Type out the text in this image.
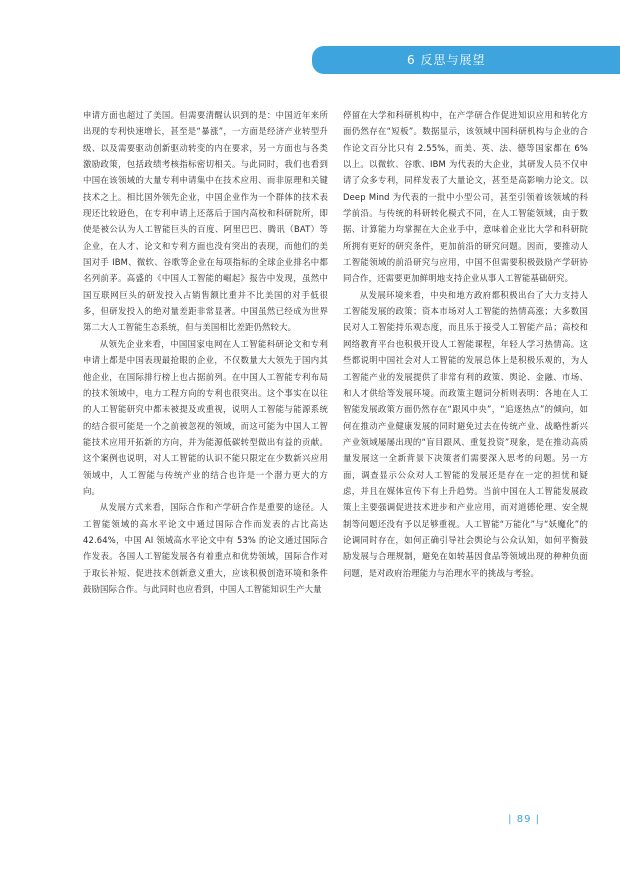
6 反思与展望

申请方面也超过了美国。但需要清醒认识到的是：中国近年来所出现的专利快速增长，甚至是“暴涨”，一方面是经济产业转型升级、以及需要驱动创新驱动转变的内在要求，另一方面也与各类激励政策，包括政绩考核指标密切相关。与此同时，我们也看到中国在该领域的大量专利申请集中在技术应用、而非原理和关键技术之上。相比国外领先企业，中国企业作为一个群体的技术表现还比较逊色，在专利申请上还落后于国内高校和科研院所，即使是被公认为人工智能巨头的百度、阿里巴巴、腾讯（BAT）等企业，在人才、论文和专利方面也没有突出的表现，而他们的美国对手 IBM、微软、谷歌等企业在每项指标的全球企业排名中都名列前茅。高盛的《中国人工智能的崛起》报告中发现，虽然中国互联网巨头的研发投入占销售额比重并不比美国的对手低很多，但研发投入的绝对量差距非常显著。中国虽然已经成为世界第二大人工智能生态系统，但与美国相比差距仍然较大。

从领先企业来看，中国国家电网在人工智能科研论文和专利申请上都是中国表现最抢眼的企业，不仅数量大大领先于国内其他企业，在国际排行榜上也占据前列。在中国人工智能专利布局的技术领域中，电力工程方向的专利也很突出。这个事实在以往的人工智能研究中都未被提及或重视，说明人工智能与能源系统的结合很可能是一个之前被忽视的领域，而这可能为中国人工智能技术应用开拓新的方向，并为能源低碳转型做出有益的贡献。这个案例也说明，对人工智能的认识不能只限定在少数新兴应用领域中，人工智能与传统产业的结合也许是一个潜力更大的方向。

从发展方式来看，国际合作和产学研合作是重要的途径。人工智能领域的高水平论文中通过国际合作而发表的占比高达 42.64%，中国 AI 领域高水平论文中有 53% 的论文通过国际合作发表。各国人工智能发展各有着重点和优势领域，国际合作对于取长补短、促进技术创新意义重大，应该积极创造环境和条件鼓励国际合作。与此同时也应看到，中国人工智能知识生产大量

停留在大学和科研机构中，在产学研合作促进知识应用和转化方面仍然存在“短板”。数据显示，该领域中国科研机构与企业的合作论文百分比只有 2.55%，而美、英、法、德等国家都在 6% 以上。以微软、谷歌、IBM 为代表的大企业，其研发人员不仅申请了众多专利，同样发表了大量论文，甚至是高影响力论文。以 Deep Mind 为代表的一批中小型公司，甚至引领着该领域的科学前沿。与传统的科研转化模式不同，在人工智能领域，由于数据、计算能力均掌握在大企业手中，意味着企业比大学和科研院所拥有更好的研究条件，更加前沿的研究问题。因而，要推动人工智能领域的前沿研究与应用，中国不但需要积极鼓励产学研协同合作，还需要更加鲜明地支持企业从事人工智能基础研究。

从发展环境来看，中央和地方政府都积极出台了大力支持人工智能发展的政策；资本市场对人工智能的热情高涨；大多数国民对人工智能持乐观态度，而且乐于接受人工智能产品；高校和网络教育平台也积极开设人工智能课程，年轻人学习热情高。这些都说明中国社会对人工智能的发展总体上是积极乐观的，为人工智能产业的发展提供了非常有利的政策、舆论、金融、市场、和人才供给等发展环境。而政策主题词分析则表明：各地在人工智能发展政策方面仍然存在“跟风中央”，“追逐热点”的倾向，如何在推动产业健康发展的同时避免过去在传统产业、战略性新兴产业领域屡屡出现的“盲目跟风、重复投资”现象，是在推动高质量发展这一全新背景下决策者们需要深入思考的问题。另一方面，调查显示公众对人工智能的发展还是存在一定的担忧和疑虑，并且在媒体宣传下有上升趋势。当前中国在人工智能发展政策上主要强调促进技术进步和产业应用，而对道德伦理、安全规制等问题还没有予以足够重视。人工智能“万能化”与“妖魔化”的论调同时存在，如何正确引导社会舆论与公众认知，如何平衡鼓励发展与合理规制，避免在如转基因食品等领域出现的种种负面问题，是对政府治理能力与治理水平的挑战与考验。

| 89 |
